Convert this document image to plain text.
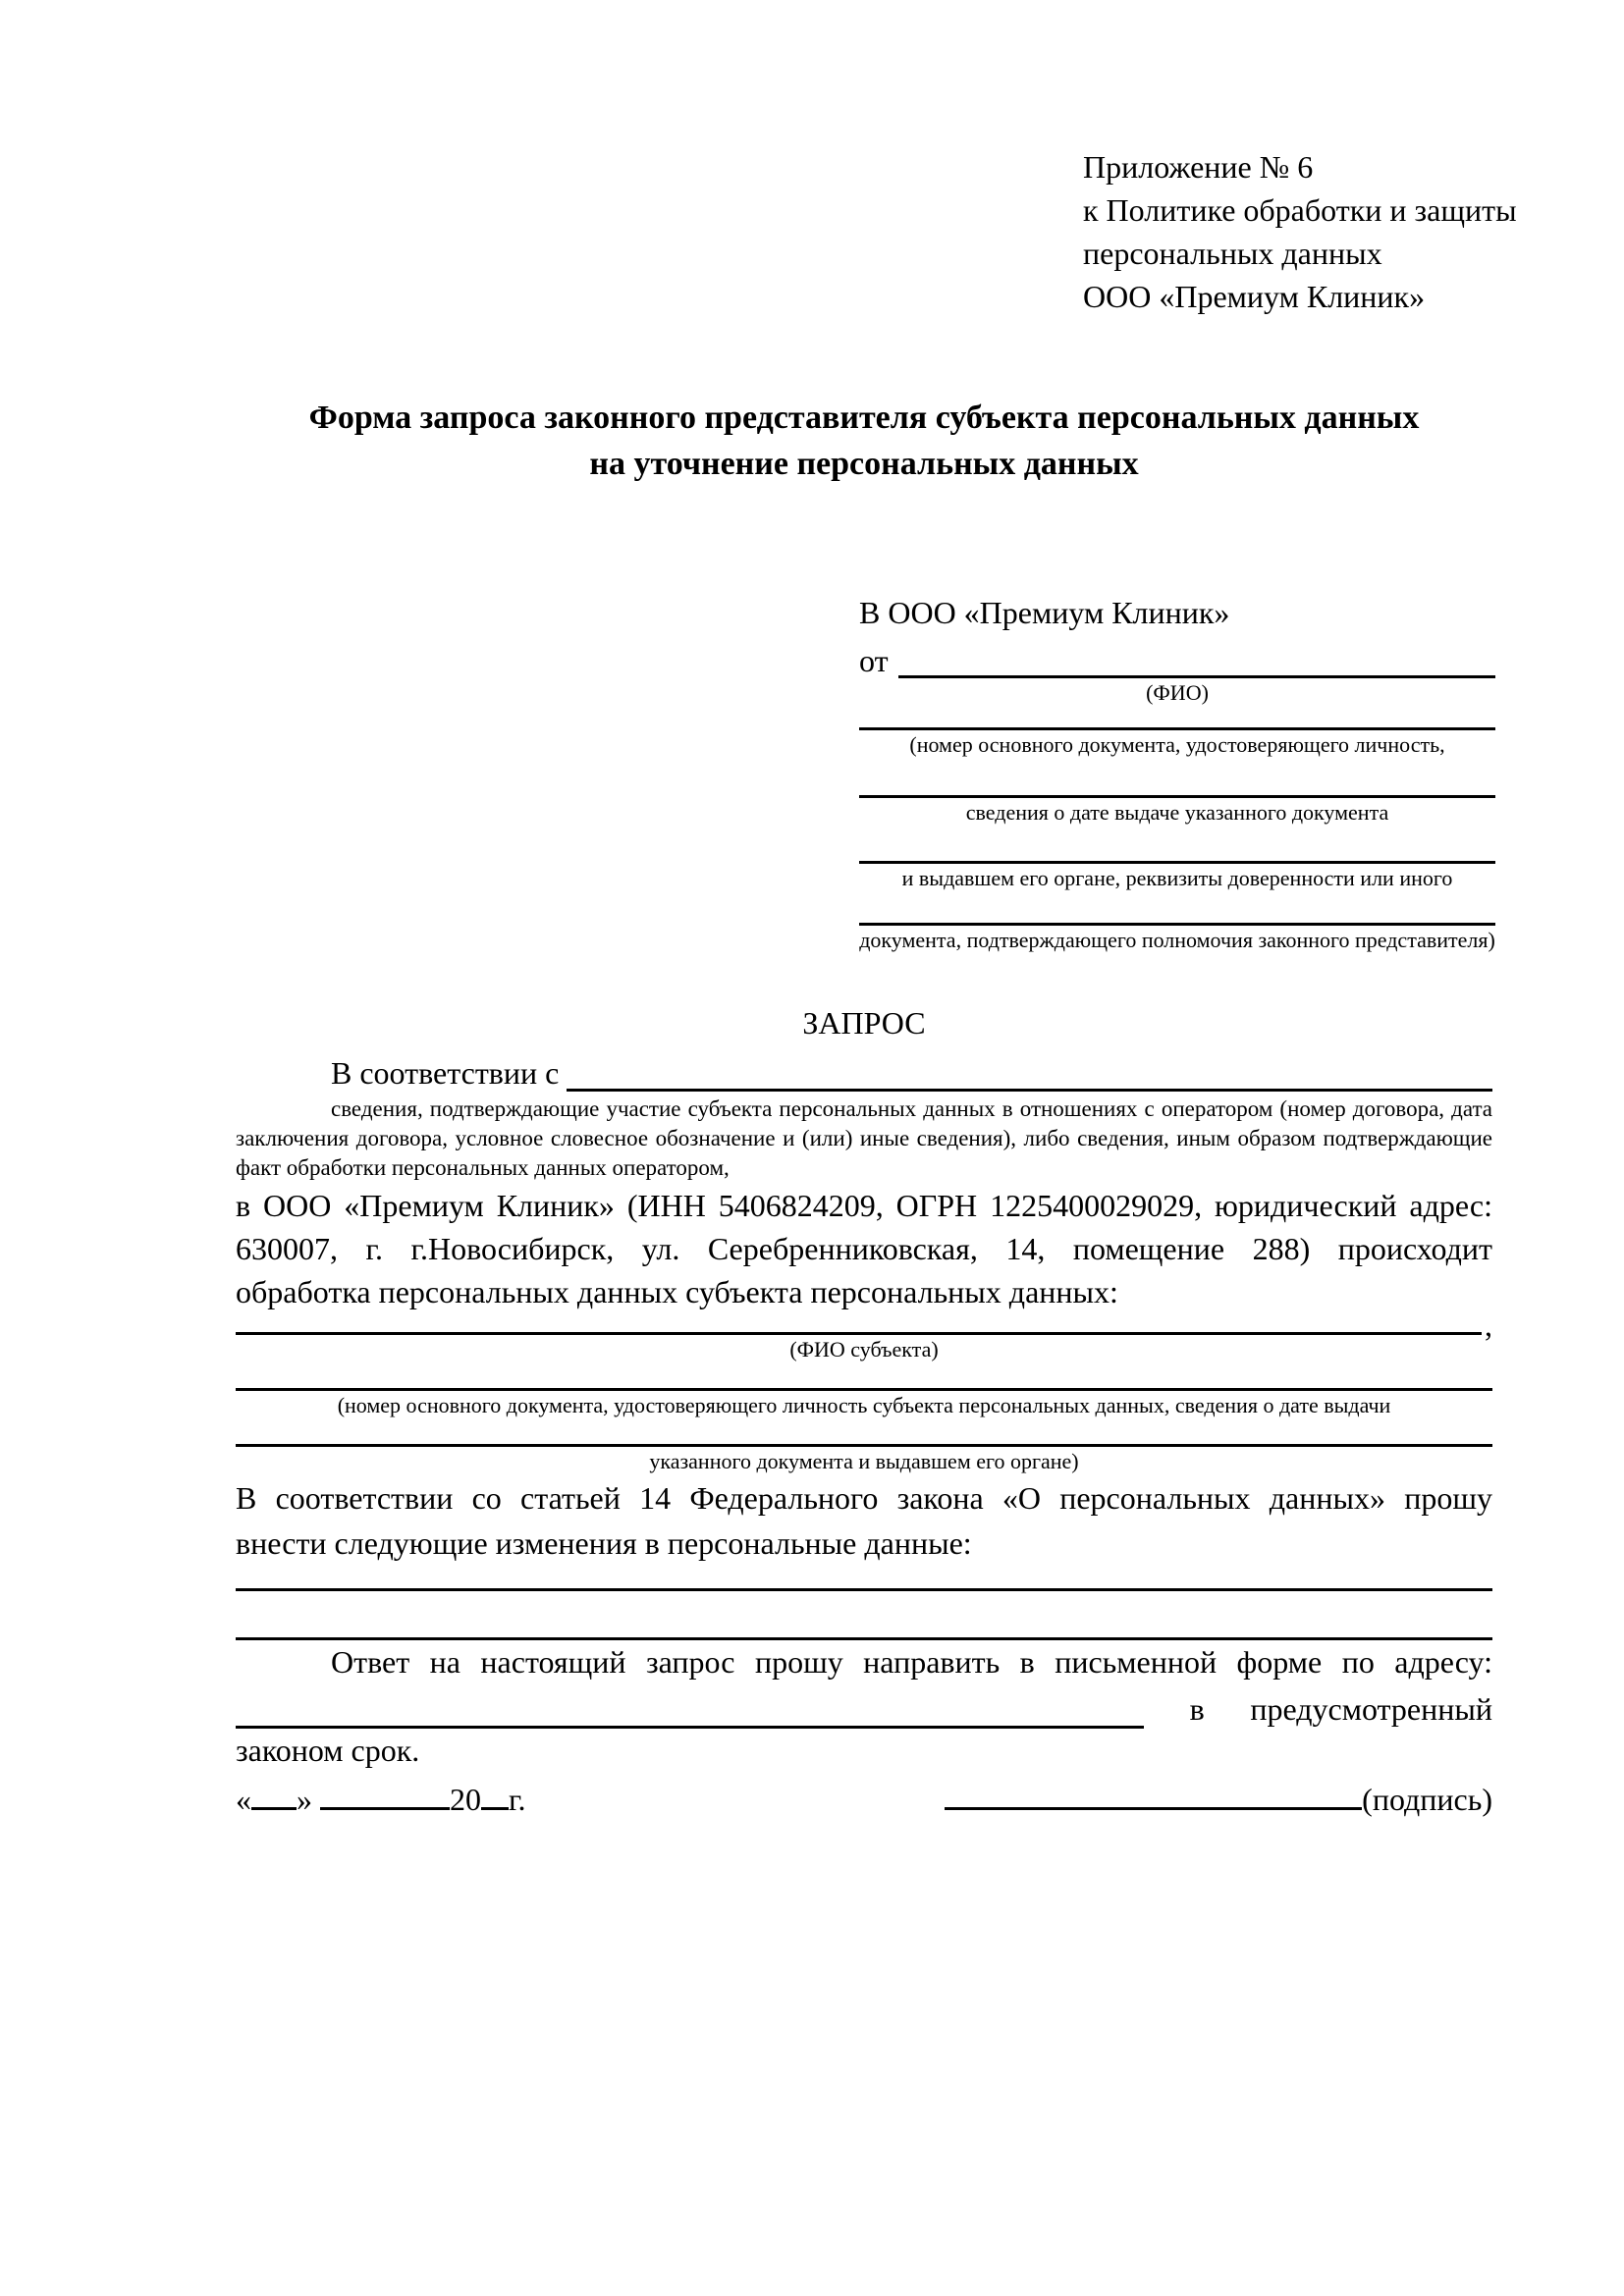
Приложение № 6
к Политике обработки и защиты
персональных данных
ООО «Премиум Клиник»
Форма запроса законного представителя субъекта персональных данных
на уточнение персональных данных
В ООО «Премиум Клиник»
от
(ФИО)
(номер основного документа, удостоверяющего личность,
сведения о дате выдаче указанного документа
и выдавшем его органе, реквизиты доверенности или иного
документа, подтверждающего полномочия законного представителя)
ЗАПРОС
В соответствии с
сведения, подтверждающие участие субъекта персональных данных в отношениях с оператором (номер договора, дата заключения договора, условное словесное обозначение и (или) иные сведения), либо сведения, иным образом подтверждающие факт обработки персональных данных оператором,
в ООО «Премиум Клиник» (ИНН 5406824209, ОГРН 1225400029029, юридический адрес:
630007, г. г.Новосибирск, ул. Серебренниковская, 14, помещение 288) происходит
обработка персональных данных субъекта персональных данных:
,
(ФИО субъекта)
(номер основного документа, удостоверяющего личность субъекта персональных данных, сведения о дате выдачи
указанного документа и выдавшем его органе)
В соответствии со статьей 14 Федерального закона «О персональных данных» прошу
внести следующие изменения в персональные данные:
Ответ на настоящий запрос прошу направить в письменной форме по адресу:
в предусмотренный
законом срок.
« »	20 г.	(подпись)
